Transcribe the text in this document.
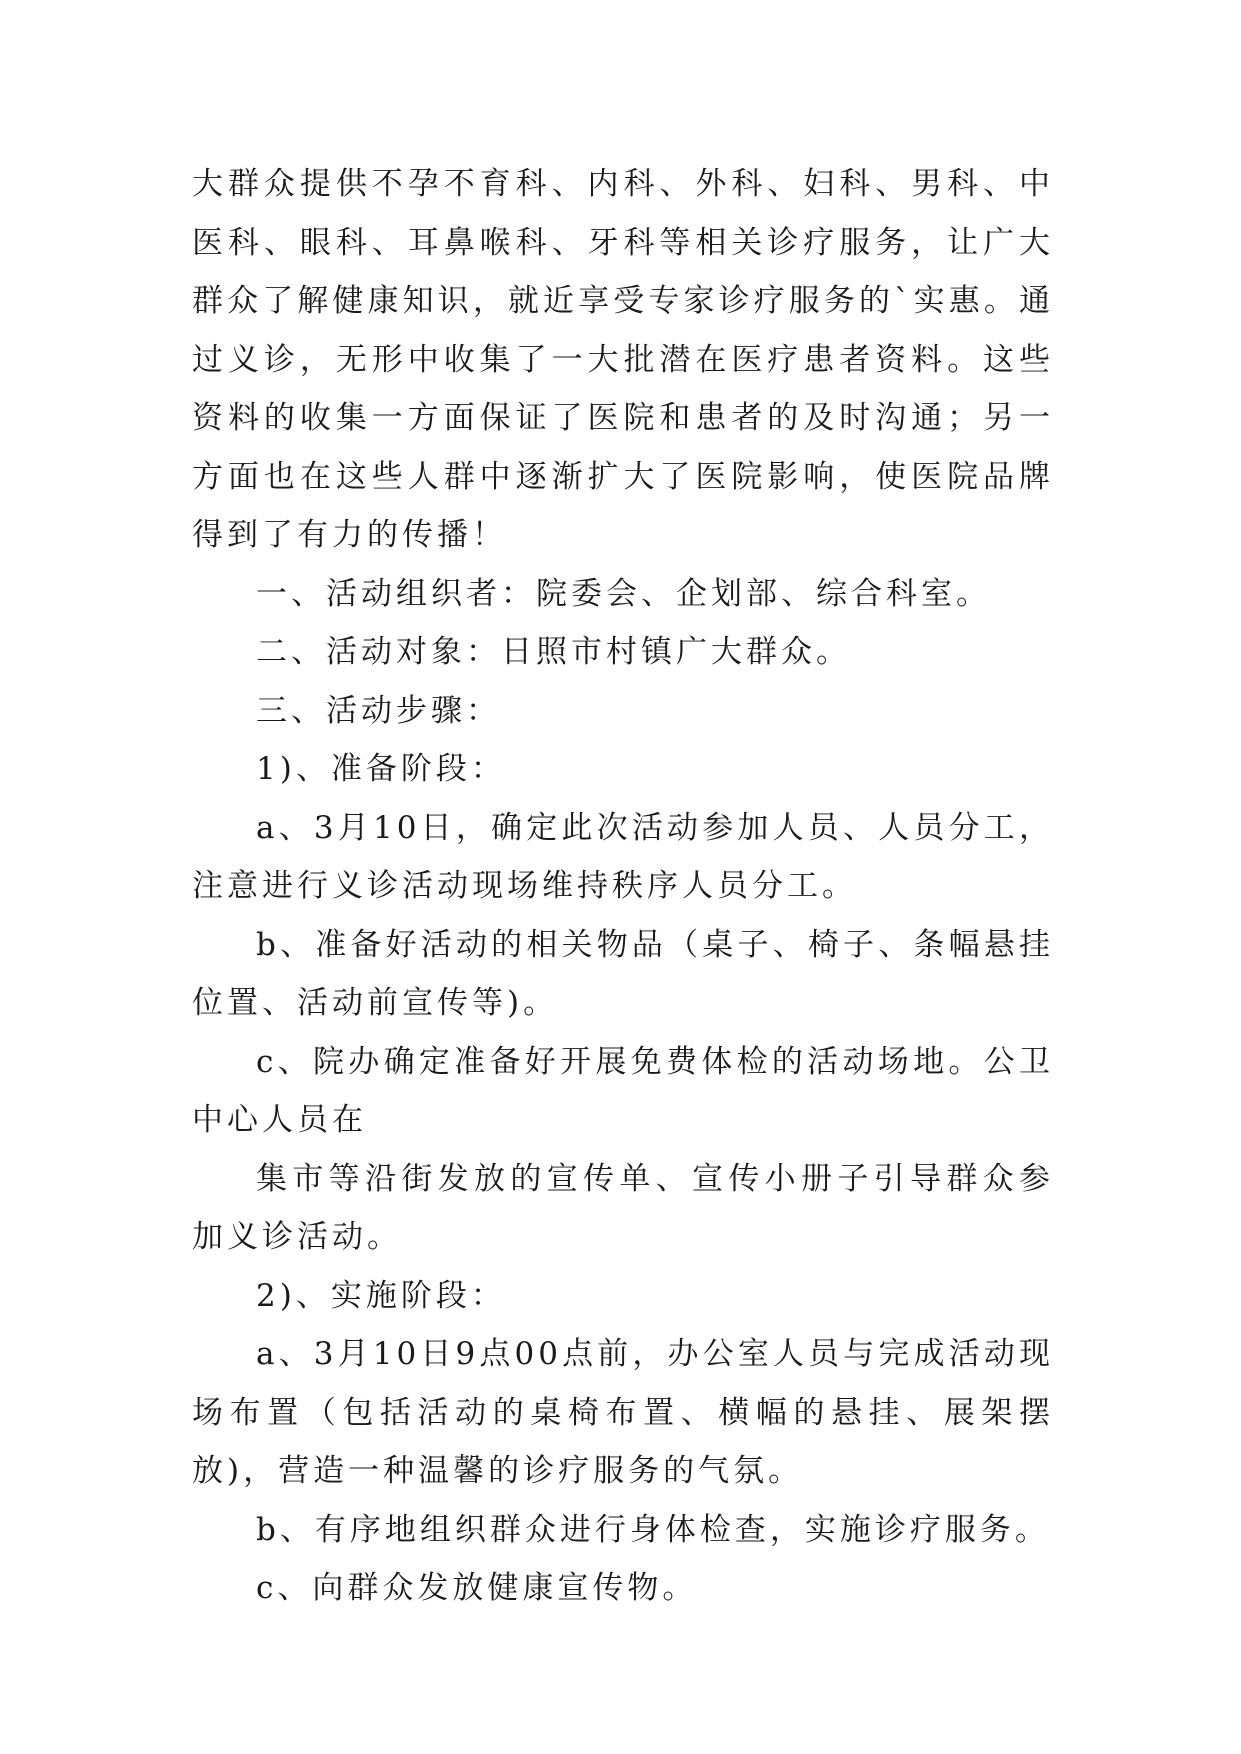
大群众提供不孕不育科、内科、外科、妇科、男科、中医科、眼科、耳鼻喉科、牙科等相关诊疗服务，让广大群众了解健康知识，就近享受专家诊疗服务的`实惠。通过义诊，无形中收集了一大批潜在医疗患者资料。这些资料的收集一方面保证了医院和患者的及时沟通；另一方面也在这些人群中逐渐扩大了医院影响，使医院品牌得到了有力的传播！

一、活动组织者：院委会、企划部、综合科室。

二、活动对象：日照市村镇广大群众。

三、活动步骤：

1)、准备阶段：

a、3月10日，确定此次活动参加人员、人员分工，注意进行义诊活动现场维持秩序人员分工。

b、准备好活动的相关物品（桌子、椅子、条幅悬挂位置、活动前宣传等)。

c、院办确定准备好开展免费体检的活动场地。公卫中心人员在

集市等沿街发放的宣传单、宣传小册子引导群众参加义诊活动。

2)、实施阶段：

a、3月10日9点00点前，办公室人员与完成活动现场布置（包括活动的桌椅布置、横幅的悬挂、展架摆放)，营造一种温馨的诊疗服务的气氛。

b、有序地组织群众进行身体检查，实施诊疗服务。

c、向群众发放健康宣传物。
